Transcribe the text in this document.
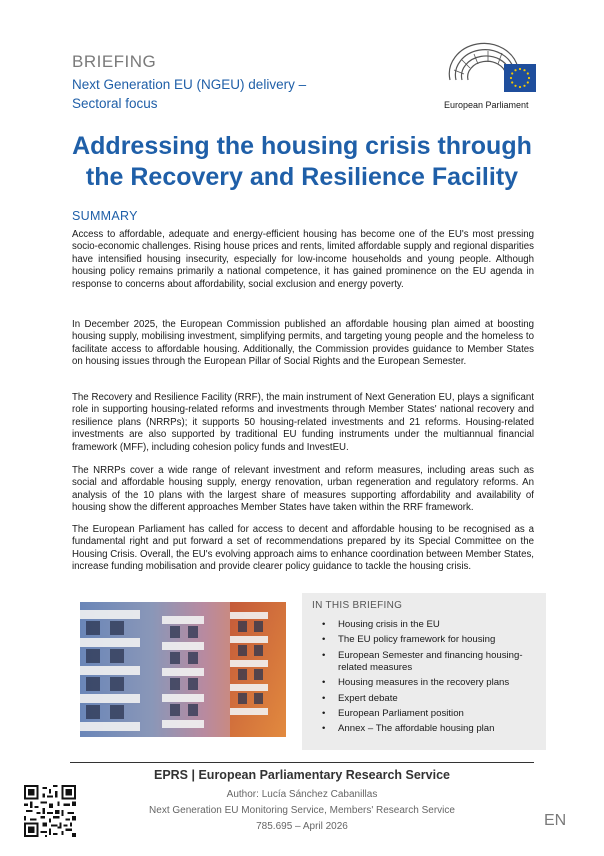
BRIEFING
Next Generation EU (NGEU) delivery –
Sectoral focus	European Parliament
Addressing the housing crisis through
the Recovery and Resilience Facility
SUMMARY

Access to affordable, adequate and energy-efficient housing has become one of the EU's most pressing socio-economic challenges. Rising house prices and rents, limited affordable supply and regional disparities have intensified housing insecurity, especially for low-income households and young people. Although housing policy remains primarily a national competence, it has gained prominence on the EU agenda in response to concerns about affordability, social exclusion and energy poverty.

In December 2025, the European Commission published an affordable housing plan aimed at boosting housing supply, mobilising investment, simplifying permits, and targeting young people and the homeless to facilitate access to affordable housing. Additionally, the Commission provides guidance to Member States on housing issues through the European Pillar of Social Rights and the European Semester.

The Recovery and Resilience Facility (RRF), the main instrument of Next Generation EU, plays a significant role in supporting housing-related reforms and investments through Member States' national recovery and resilience plans (NRRPs); it supports 50 housing-related investments and 21 reforms. Housing-related investments are also supported by traditional EU funding instruments under the multiannual financial framework (MFF), including cohesion policy funds and InvestEU.

The NRRPs cover a wide range of relevant investment and reform measures, including areas such as social and affordable housing supply, energy renovation, urban regeneration and regulatory reforms. An analysis of the 10 plans with the largest share of measures supporting affordability and availability of housing show the different approaches Member States have taken within the RRF framework.

The European Parliament has called for access to decent and affordable housing to be recognised as a fundamental right and put forward a set of recommendations prepared by its Special Committee on the Housing Crisis. Overall, the EU's evolving approach aims to enhance coordination between Member States, increase funding mobilisation and provide clearer policy guidance to tackle the housing crisis.

IN THIS BRIEFING
• Housing crisis in the EU
• The EU policy framework for housing
• European Semester and financing housing-related measures
• Housing measures in the recovery plans
• Expert debate
• European Parliament position
• Annex – The affordable housing plan
EPRS | European Parliamentary Research Service
Author: Lucía Sánchez Cabanillas
Next Generation EU Monitoring Service, Members' Research Service
785.695 – April 2026	EN
